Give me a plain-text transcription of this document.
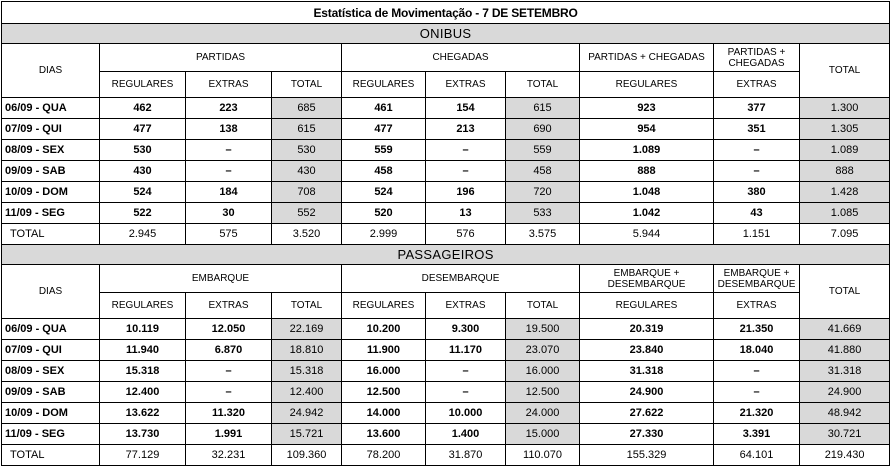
Estatística de Movimentação - 7 DE SETEMBRO									
ONIBUS									
DIAS	PARTIDAS			CHEGADAS			PARTIDAS + CHEGADAS	PARTIDAS + CHEGADAS	TOTAL
	REGULARES	EXTRAS	TOTAL	REGULARES	EXTRAS	TOTAL	REGULARES	EXTRAS	
06/09 - QUA	462	223	685	461	154	615	923	377	1.300
07/09 - QUI	477	138	615	477	213	690	954	351	1.305
08/09 - SEX	530	–	530	559	–	559	1.089	–	1.089
09/09 - SAB	430	–	430	458	–	458	888	–	888
10/09 - DOM	524	184	708	524	196	720	1.048	380	1.428
11/09 - SEG	522	30	552	520	13	533	1.042	43	1.085
TOTAL	2.945	575	3.520	2.999	576	3.575	5.944	1.151	7.095
PASSAGEIROS									
DIAS	EMBARQUE			DESEMBARQUE			EMBARQUE + DESEMBARQUE	EMBARQUE + DESEMBARQUE	TOTAL
	REGULARES	EXTRAS	TOTAL	REGULARES	EXTRAS	TOTAL	REGULARES	EXTRAS	
06/09 - QUA	10.119	12.050	22.169	10.200	9.300	19.500	20.319	21.350	41.669
07/09 - QUI	11.940	6.870	18.810	11.900	11.170	23.070	23.840	18.040	41.880
08/09 - SEX	15.318	–	15.318	16.000	–	16.000	31.318	–	31.318
09/09 - SAB	12.400	–	12.400	12.500	–	12.500	24.900	–	24.900
10/09 - DOM	13.622	11.320	24.942	14.000	10.000	24.000	27.622	21.320	48.942
11/09 - SEG	13.730	1.991	15.721	13.600	1.400	15.000	27.330	3.391	30.721
TOTAL	77.129	32.231	109.360	78.200	31.870	110.070	155.329	64.101	219.430
